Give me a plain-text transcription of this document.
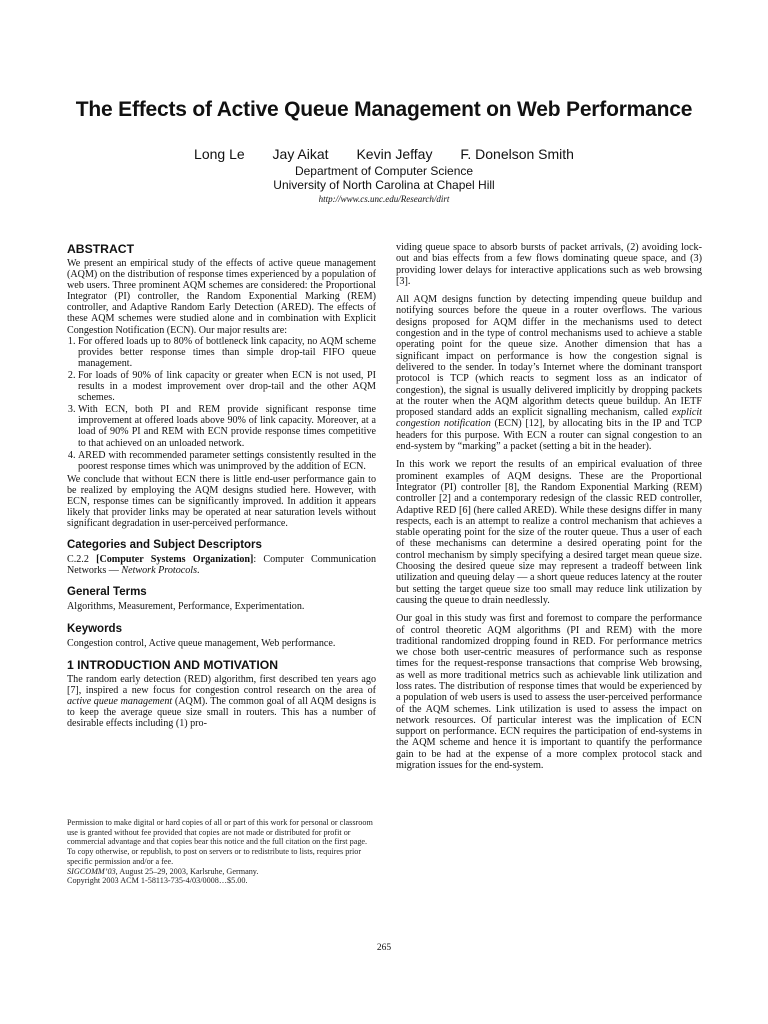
The Effects of Active Queue Management on Web Performance
Long Le Jay Aikat Kevin Jeffay F. Donelson Smith
Department of Computer Science
University of North Carolina at Chapel Hill
http://www.cs.unc.edu/Research/dirt
ABSTRACT

We present an empirical study of the effects of active queue management (AQM) on the distribution of response times experienced by a population of web users. Three prominent AQM schemes are considered: the Proportional Integrator (PI) controller, the Random Exponential Marking (REM) controller, and Adaptive Random Early Detection (ARED). The effects of these AQM schemes were studied alone and in combination with Explicit Congestion Notification (ECN). Our major results are:

1. For offered loads up to 80% of bottleneck link capacity, no AQM scheme provides better response times than simple drop-tail FIFO queue management.
2. For loads of 90% of link capacity or greater when ECN is not used, PI results in a modest improvement over drop-tail and the other AQM schemes.
3. With ECN, both PI and REM provide significant response time improvement at offered loads above 90% of link capacity. Moreover, at a load of 90% PI and REM with ECN provide response times competitive to that achieved on an unloaded network.
4. ARED with recommended parameter settings consistently resulted in the poorest response times which was unimproved by the addition of ECN.

We conclude that without ECN there is little end-user performance gain to be realized by employing the AQM designs studied here. However, with ECN, response times can be significantly improved. In addition it appears likely that provider links may be operated at near saturation levels without significant degradation in user-perceived performance.

Categories and Subject Descriptors

C.2.2 [Computer Systems Organization]: Computer Communication Networks — Network Protocols.

General Terms

Algorithms, Measurement, Performance, Experimentation.

Keywords

Congestion control, Active queue management, Web performance.

1 INTRODUCTION AND MOTIVATION

The random early detection (RED) algorithm, first described ten years ago [7], inspired a new focus for congestion control research on the area of active queue management (AQM). The common goal of all AQM designs is to keep the average queue size small in routers. This has a number of desirable effects including (1) pro-

Permission to make digital or hard copies of all or part of this work for personal or classroom use is granted without fee provided that copies are not made or distributed for profit or commercial advantage and that copies bear this notice and the full citation on the first page. To copy otherwise, or republish, to post on servers or to redistribute to lists, requires prior specific permission and/or a fee.

SIGCOMM’03, August 25–29, 2003, Karlsruhe, Germany.

Copyright 2003 ACM 1-58113-735-4/03/0008…$5.00.

viding queue space to absorb bursts of packet arrivals, (2) avoiding lock-out and bias effects from a few flows dominating queue space, and (3) providing lower delays for interactive applications such as web browsing [3].

All AQM designs function by detecting impending queue buildup and notifying sources before the queue in a router overflows. The various designs proposed for AQM differ in the mechanisms used to detect congestion and in the type of control mechanisms used to achieve a stable operating point for the queue size. Another dimension that has a significant impact on performance is how the congestion signal is delivered to the sender. In today’s Internet where the dominant transport protocol is TCP (which reacts to segment loss as an indicator of congestion), the signal is usually delivered implicitly by dropping packets at the router when the AQM algorithm detects queue buildup. An IETF proposed standard adds an explicit signalling mechanism, called explicit congestion notification (ECN) [12], by allocating bits in the IP and TCP headers for this purpose. With ECN a router can signal congestion to an end-system by “marking” a packet (setting a bit in the header).

In this work we report the results of an empirical evaluation of three prominent examples of AQM designs. These are the Proportional Integrator (PI) controller [8], the Random Exponential Marking (REM) controller [2] and a contemporary redesign of the classic RED controller, Adaptive RED [6] (here called ARED). While these designs differ in many respects, each is an attempt to realize a control mechanism that achieves a stable operating point for the size of the router queue. Thus a user of each of these mechanisms can determine a desired operating point for the control mechanism by simply specifying a desired target mean queue size. Choosing the desired queue size may represent a tradeoff between link utilization and queuing delay — a short queue reduces latency at the router but setting the target queue size too small may reduce link utilization by causing the queue to drain needlessly.

Our goal in this study was first and foremost to compare the performance of control theoretic AQM algorithms (PI and REM) with the more traditional randomized dropping found in RED. For performance metrics we chose both user-centric measures of performance such as response times for the request-response transactions that comprise Web browsing, as well as more traditional metrics such as achievable link utilization and loss rates. The distribution of response times that would be experienced by a population of web users is used to assess the user-perceived performance of the AQM schemes. Link utilization is used to assess the impact on network resources. Of particular interest was the implication of ECN support on performance. ECN requires the participation of end-systems in the AQM scheme and hence it is important to quantify the performance gain to be had at the expense of a more complex protocol stack and migration issues for the end-system.

265
